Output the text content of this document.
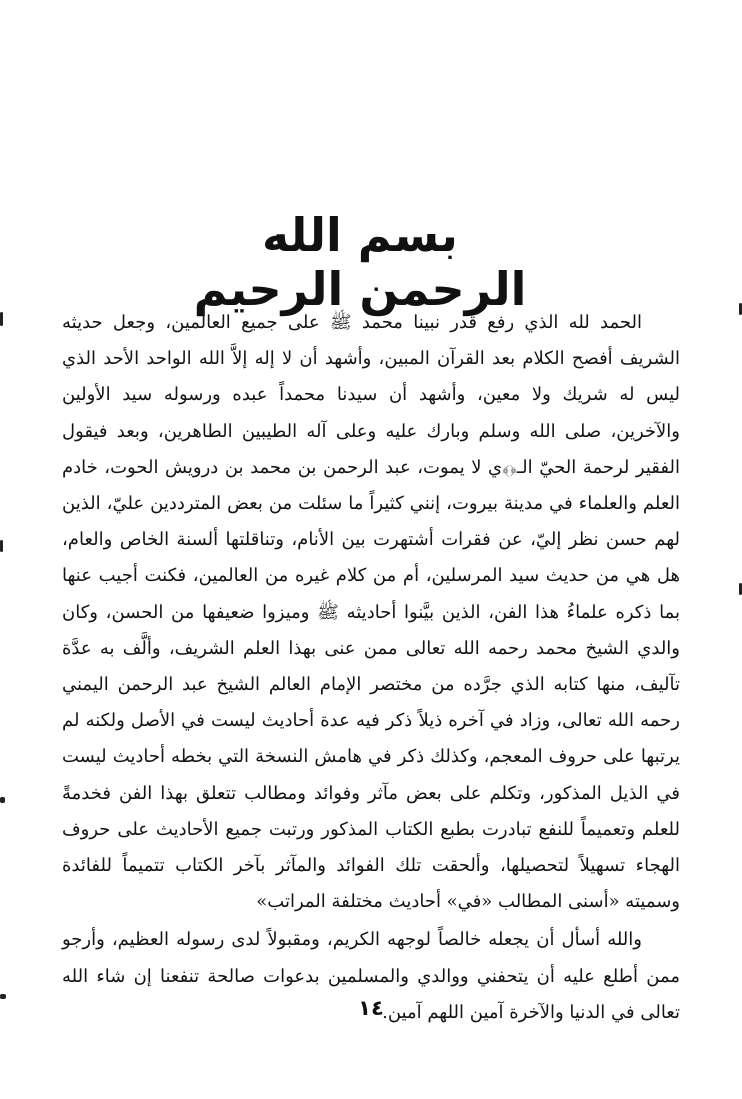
بسم الله الرحمن الرحيم

الحمد لله الذي رفع قدر نبينا محمد ﷺ على جميع العالمين، وجعل حديثه الشريف أفصح الكلام بعد القرآن المبين، وأشهد أن لا إله إلاَّ الله الواحد الأحد الذي ليس له شريك ولا معين، وأشهد أن سيدنا محمداً عبده ورسوله سيد الأولين والآخرين، صلى الله وسلم وبارك عليه وعلى آله الطيبين الطاهرين، وبعد فيقول الفقير لرحمة الحيّ الـ﴿﴾ي لا يموت، عبد الرحمن بن محمد بن درويش الحوت، خادم العلم والعلماء في مدينة بيروت، إنني كثيراً ما سئلت من بعض المترددين عليّ، الذين لهم حسن نظر إليّ، عن فقرات أشتهرت بين الأنام، وتناقلتها ألسنة الخاص والعام، هل هي من حديث سيد المرسلين، أم من كلام غيره من العالمين، فكنت أجيب عنها بما ذكره علماءُ هذا الفن، الذين بيَّنوا أحاديثه ﷺ وميزوا ضعيفها من الحسن، وكان والدي الشيخ محمد رحمه الله تعالى ممن عنى بهذا العلم الشريف، وألَّف به عدَّة تآليف، منها كتابه الذي جرَّده من مختصر الإمام العالم الشيخ عبد الرحمن اليمني رحمه الله تعالى، وزاد في آخره ذيلاً ذكر فيه عدة أحاديث ليست في الأصل ولكنه لم يرتبها على حروف المعجم، وكذلك ذكر في هامش النسخة التي بخطه أحاديث ليست في الذيل المذكور، وتكلم على بعض مآثر وفوائد ومطالب تتعلق بهذا الفن فخدمةً للعلم وتعميماً للنفع تبادرت بطبع الكتاب المذكور ورتبت جميع الأحاديث على حروف الهجاء تسهيلاً لتحصيلها، وألحقت تلك الفوائد والمآثر بآخر الكتاب تتميماً للفائدة وسميته «أسنى المطالب «في» أحاديث مختلفة المراتب»

والله أسأل أن يجعله خالصاً لوجهه الكريم، ومقبولاً لدى رسوله العظيم، وأرجو ممن أطلع عليه أن يتحفني ووالدي والمسلمين بدعوات صالحة تنفعنا إن شاء الله تعالى في الدنيا والآخرة آمين اللهم آمين.

١٤
